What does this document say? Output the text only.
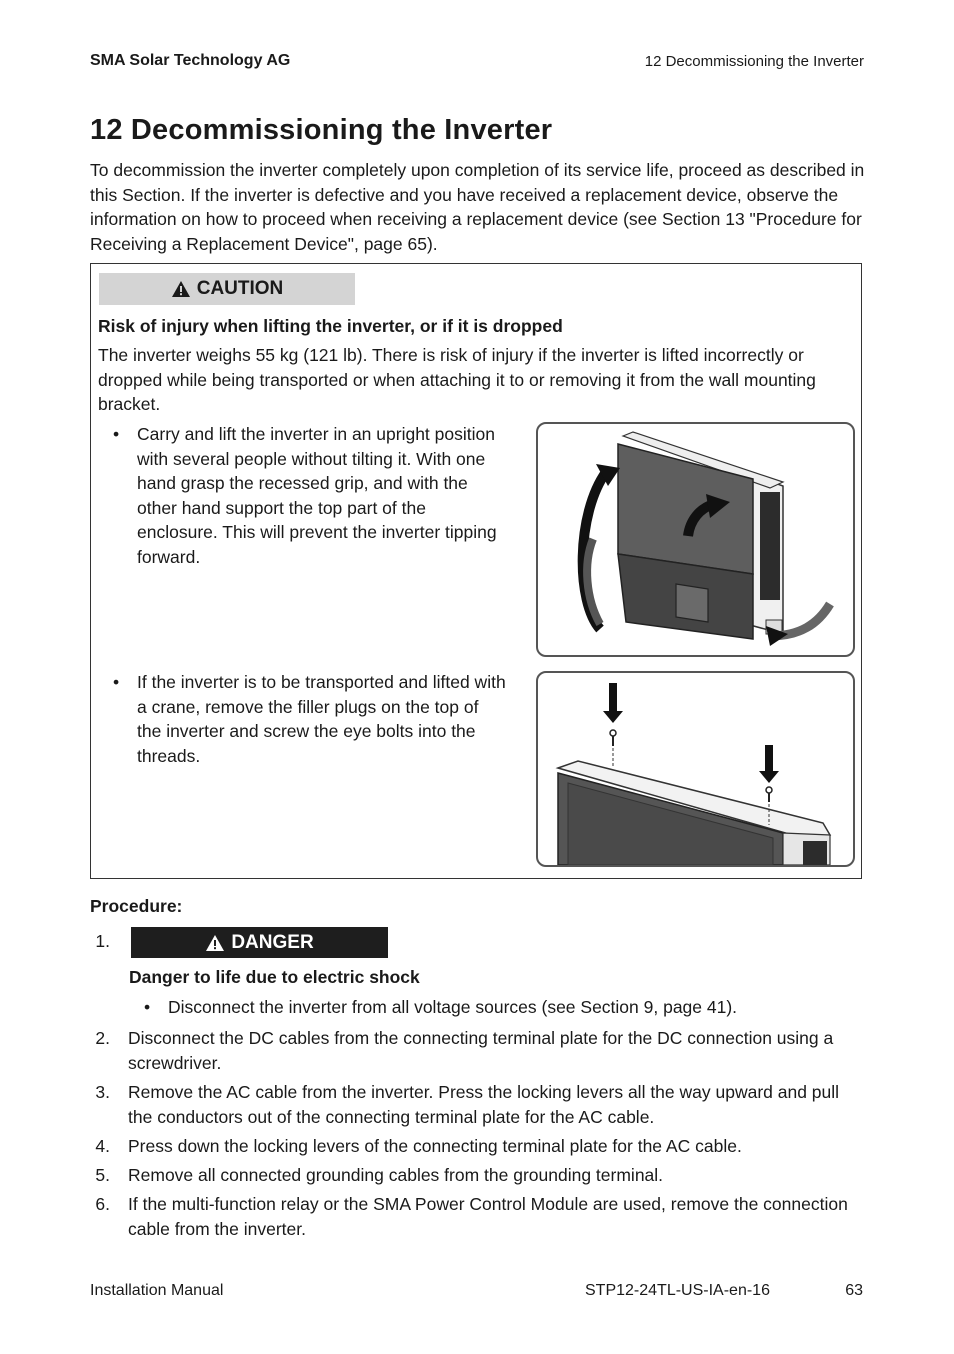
SMA Solar Technology AG	12 Decommissioning the Inverter
12 Decommissioning the Inverter

To decommission the inverter completely upon completion of its service life, proceed as described in this Section. If the inverter is defective and you have received a replacement device, observe the information on how to proceed when receiving a replacement device (see Section 13 "Procedure for Receiving a Replacement Device", page 65).

CAUTION
Risk of injury when lifting the inverter, or if it is dropped

The inverter weighs 55 kg (121 lb). There is risk of injury if the inverter is lifted incorrectly or dropped while being transported or when attaching it to or removing it from the wall mounting bracket.

• Carry and lift the inverter in an upright position with several people without tilting it. With one hand grasp the recessed grip, and with the other hand support the top part of the enclosure. This will prevent the inverter tipping forward.
• If the inverter is to be transported and lifted with a crane, remove the filler plugs on the top of the inverter and screw the eye bolts into the threads.
Procedure:
1.	DANGER
Danger to life due to electric shock
• Disconnect the inverter from all voltage sources (see Section 9, page 41).
2. Disconnect the DC cables from the connecting terminal plate for the DC connection using a screwdriver.
3. Remove the AC cable from the inverter. Press the locking levers all the way upward and pull the conductors out of the connecting terminal plate for the AC cable.
4. Press down the locking levers of the connecting terminal plate for the AC cable.
5. Remove all connected grounding cables from the grounding terminal.
6. If the multi-function relay or the SMA Power Control Module are used, remove the connection cable from the inverter.
Installation Manual	STP12-24TL-US-IA-en-16	63
